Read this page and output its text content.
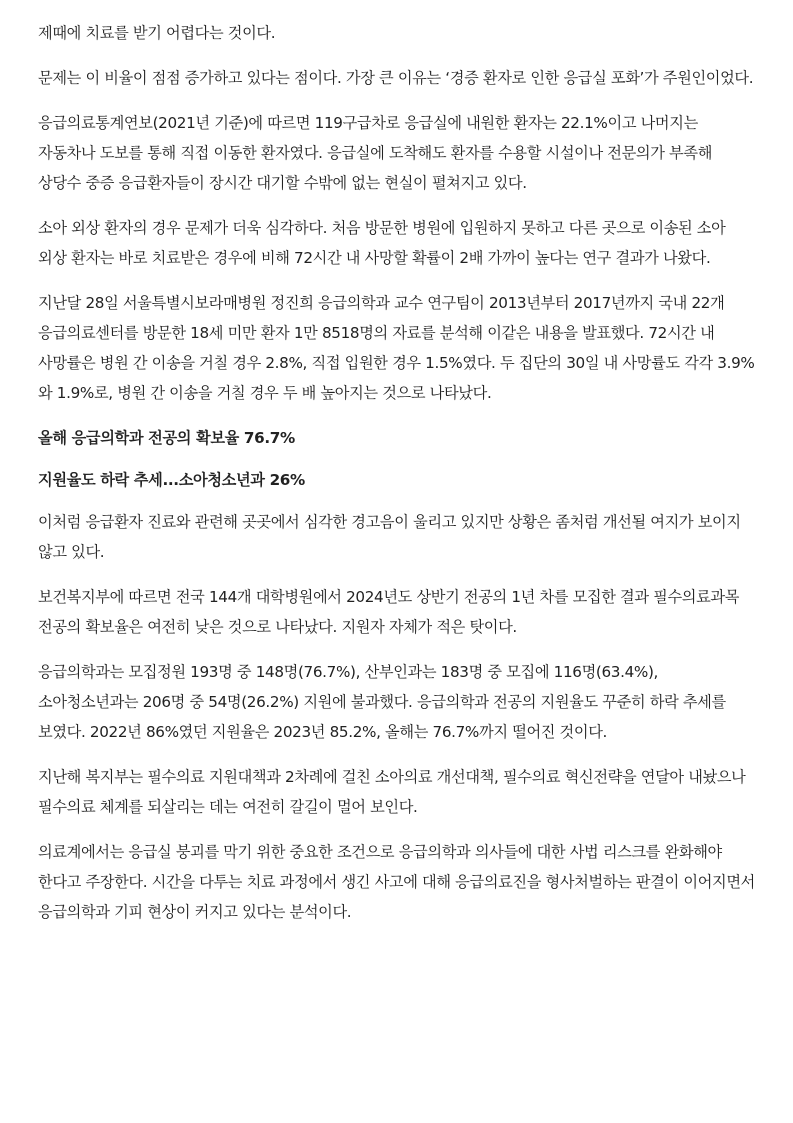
제때에 치료를 받기 어렵다는 것이다.

문제는 이 비율이 점점 증가하고 있다는 점이다. 가장 큰 이유는 ‘경증 환자로 인한 응급실 포화’가 주원인이었다.

응급의료통계연보(2021년 기준)에 따르면 119구급차로 응급실에 내원한 환자는 22.1%이고 나머지는 자동차나 도보를 통해 직접 이동한 환자였다. 응급실에 도착해도 환자를 수용할 시설이나 전문의가 부족해 상당수 중증 응급환자들이 장시간 대기할 수밖에 없는 현실이 펼쳐지고 있다.

소아 외상 환자의 경우 문제가 더욱 심각하다. 처음 방문한 병원에 입원하지 못하고 다른 곳으로 이송된 소아 외상 환자는 바로 치료받은 경우에 비해 72시간 내 사망할 확률이 2배 가까이 높다는 연구 결과가 나왔다.

지난달 28일 서울특별시보라매병원 정진희 응급의학과 교수 연구팀이 2013년부터 2017년까지 국내 22개 응급의료센터를 방문한 18세 미만 환자 1만 8518명의 자료를 분석해 이같은 내용을 발표했다. 72시간 내 사망률은 병원 간 이송을 거칠 경우 2.8%, 직접 입원한 경우 1.5%였다. 두 집단의 30일 내 사망률도 각각 3.9%와 1.9%로, 병원 간 이송을 거칠 경우 두 배 높아지는 것으로 나타났다.

올해 응급의학과 전공의 확보율 76.7%

지원율도 하락 추세...소아청소년과 26%

이처럼 응급환자 진료와 관련해 곳곳에서 심각한 경고음이 울리고 있지만 상황은 좀처럼 개선될 여지가 보이지 않고 있다.

보건복지부에 따르면 전국 144개 대학병원에서 2024년도 상반기 전공의 1년 차를 모집한 결과 필수의료과목 전공의 확보율은 여전히 낮은 것으로 나타났다. 지원자 자체가 적은 탓이다.

응급의학과는 모집정원 193명 중 148명(76.7%), 산부인과는 183명 중 모집에 116명(63.4%), 소아청소년과는 206명 중 54명(26.2%) 지원에 불과했다. 응급의학과 전공의 지원율도 꾸준히 하락 추세를 보였다. 2022년 86%였던 지원율은 2023년 85.2%, 올해는 76.7%까지 떨어진 것이다.

지난해 복지부는 필수의료 지원대책과 2차례에 걸친 소아의료 개선대책, 필수의료 혁신전략을 연달아 내놨으나 필수의료 체계를 되살리는 데는 여전히 갈길이 멀어 보인다.

의료계에서는 응급실 붕괴를 막기 위한 중요한 조건으로 응급의학과 의사들에 대한 사법 리스크를 완화해야 한다고 주장한다. 시간을 다투는 치료 과정에서 생긴 사고에 대해 응급의료진을 형사처벌하는 판결이 이어지면서 응급의학과 기피 현상이 커지고 있다는 분석이다.
